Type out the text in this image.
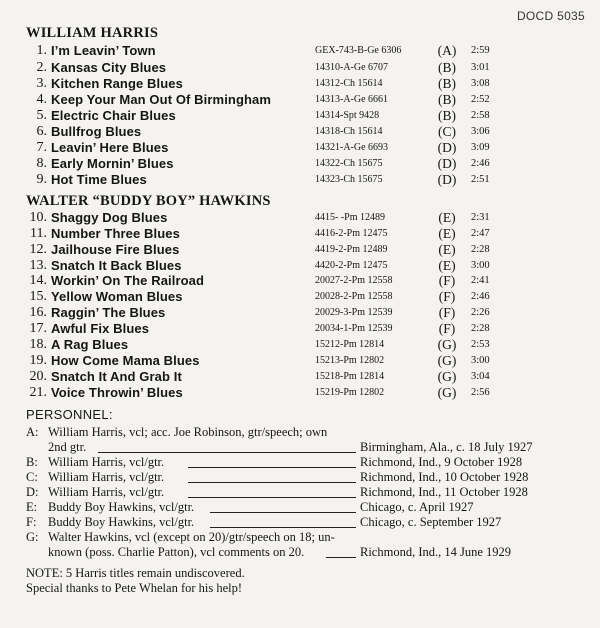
DOCD 5035
WILLIAM HARRIS
1. I’m Leavin’ Town	GEX-743-B-Ge 6306	(A) 2:59
2. Kansas City Blues	14310-A-Ge 6707	(B) 3:01
3. Kitchen Range Blues	14312-Ch 15614	(B) 3:08
4. Keep Your Man Out Of Birmingham	14313-A-Ge 6661	(B) 2:52
5. Electric Chair Blues	14314-Spt 9428	(B) 2:58
6. Bullfrog Blues	14318-Ch 15614	(C) 3:06
7. Leavin’ Here Blues	14321-A-Ge 6693	(D) 3:09
8. Early Mornin’ Blues	14322-Ch 15675	(D) 2:46
9. Hot Time Blues	14323-Ch 15675	(D) 2:51
WALTER “BUDDY BOY” HAWKINS
10. Shaggy Dog Blues	4415- -Pm 12489	(E) 2:31
11. Number Three Blues	4416-2-Pm 12475	(E) 2:47
12. Jailhouse Fire Blues	4419-2-Pm 12489	(E) 2:28
13. Snatch It Back Blues	4420-2-Pm 12475	(E) 3:00
14. Workin’ On The Railroad	20027-2-Pm 12558	(F) 2:41
15. Yellow Woman Blues	20028-2-Pm 12558	(F) 2:46
16. Raggin’ The Blues	20029-3-Pm 12539	(F) 2:26
17. Awful Fix Blues	20034-1-Pm 12539	(F) 2:28
18. A Rag Blues	15212-Pm 12814	(G) 2:53
19. How Come Mama Blues	15213-Pm 12802	(G) 3:00
20. Snatch It And Grab It	15218-Pm 12814	(G) 3:04
21. Voice Throwin’ Blues	15219-Pm 12802	(G) 2:56
PERSONNEL:
A: William Harris, vcl; acc. Joe Robinson, gtr/speech; own
2nd gtr.	Birmingham, Ala., c. 18 July 1927
B: William Harris, vcl/gtr.	Richmond, Ind., 9 October 1928
C: William Harris, vcl/gtr.	Richmond, Ind., 10 October 1928
D: William Harris, vcl/gtr.	Richmond, Ind., 11 October 1928
E: Buddy Boy Hawkins, vcl/gtr.	Chicago, c. April 1927
F: Buddy Boy Hawkins, vcl/gtr.	Chicago, c. September 1927
G: Walter Hawkins, vcl (except on 20)/gtr/speech on 18; un-
known (poss. Charlie Patton), vcl comments on 20.	Richmond, Ind., 14 June 1929
NOTE: 5 Harris titles remain undiscovered.
Special thanks to Pete Whelan for his help!
